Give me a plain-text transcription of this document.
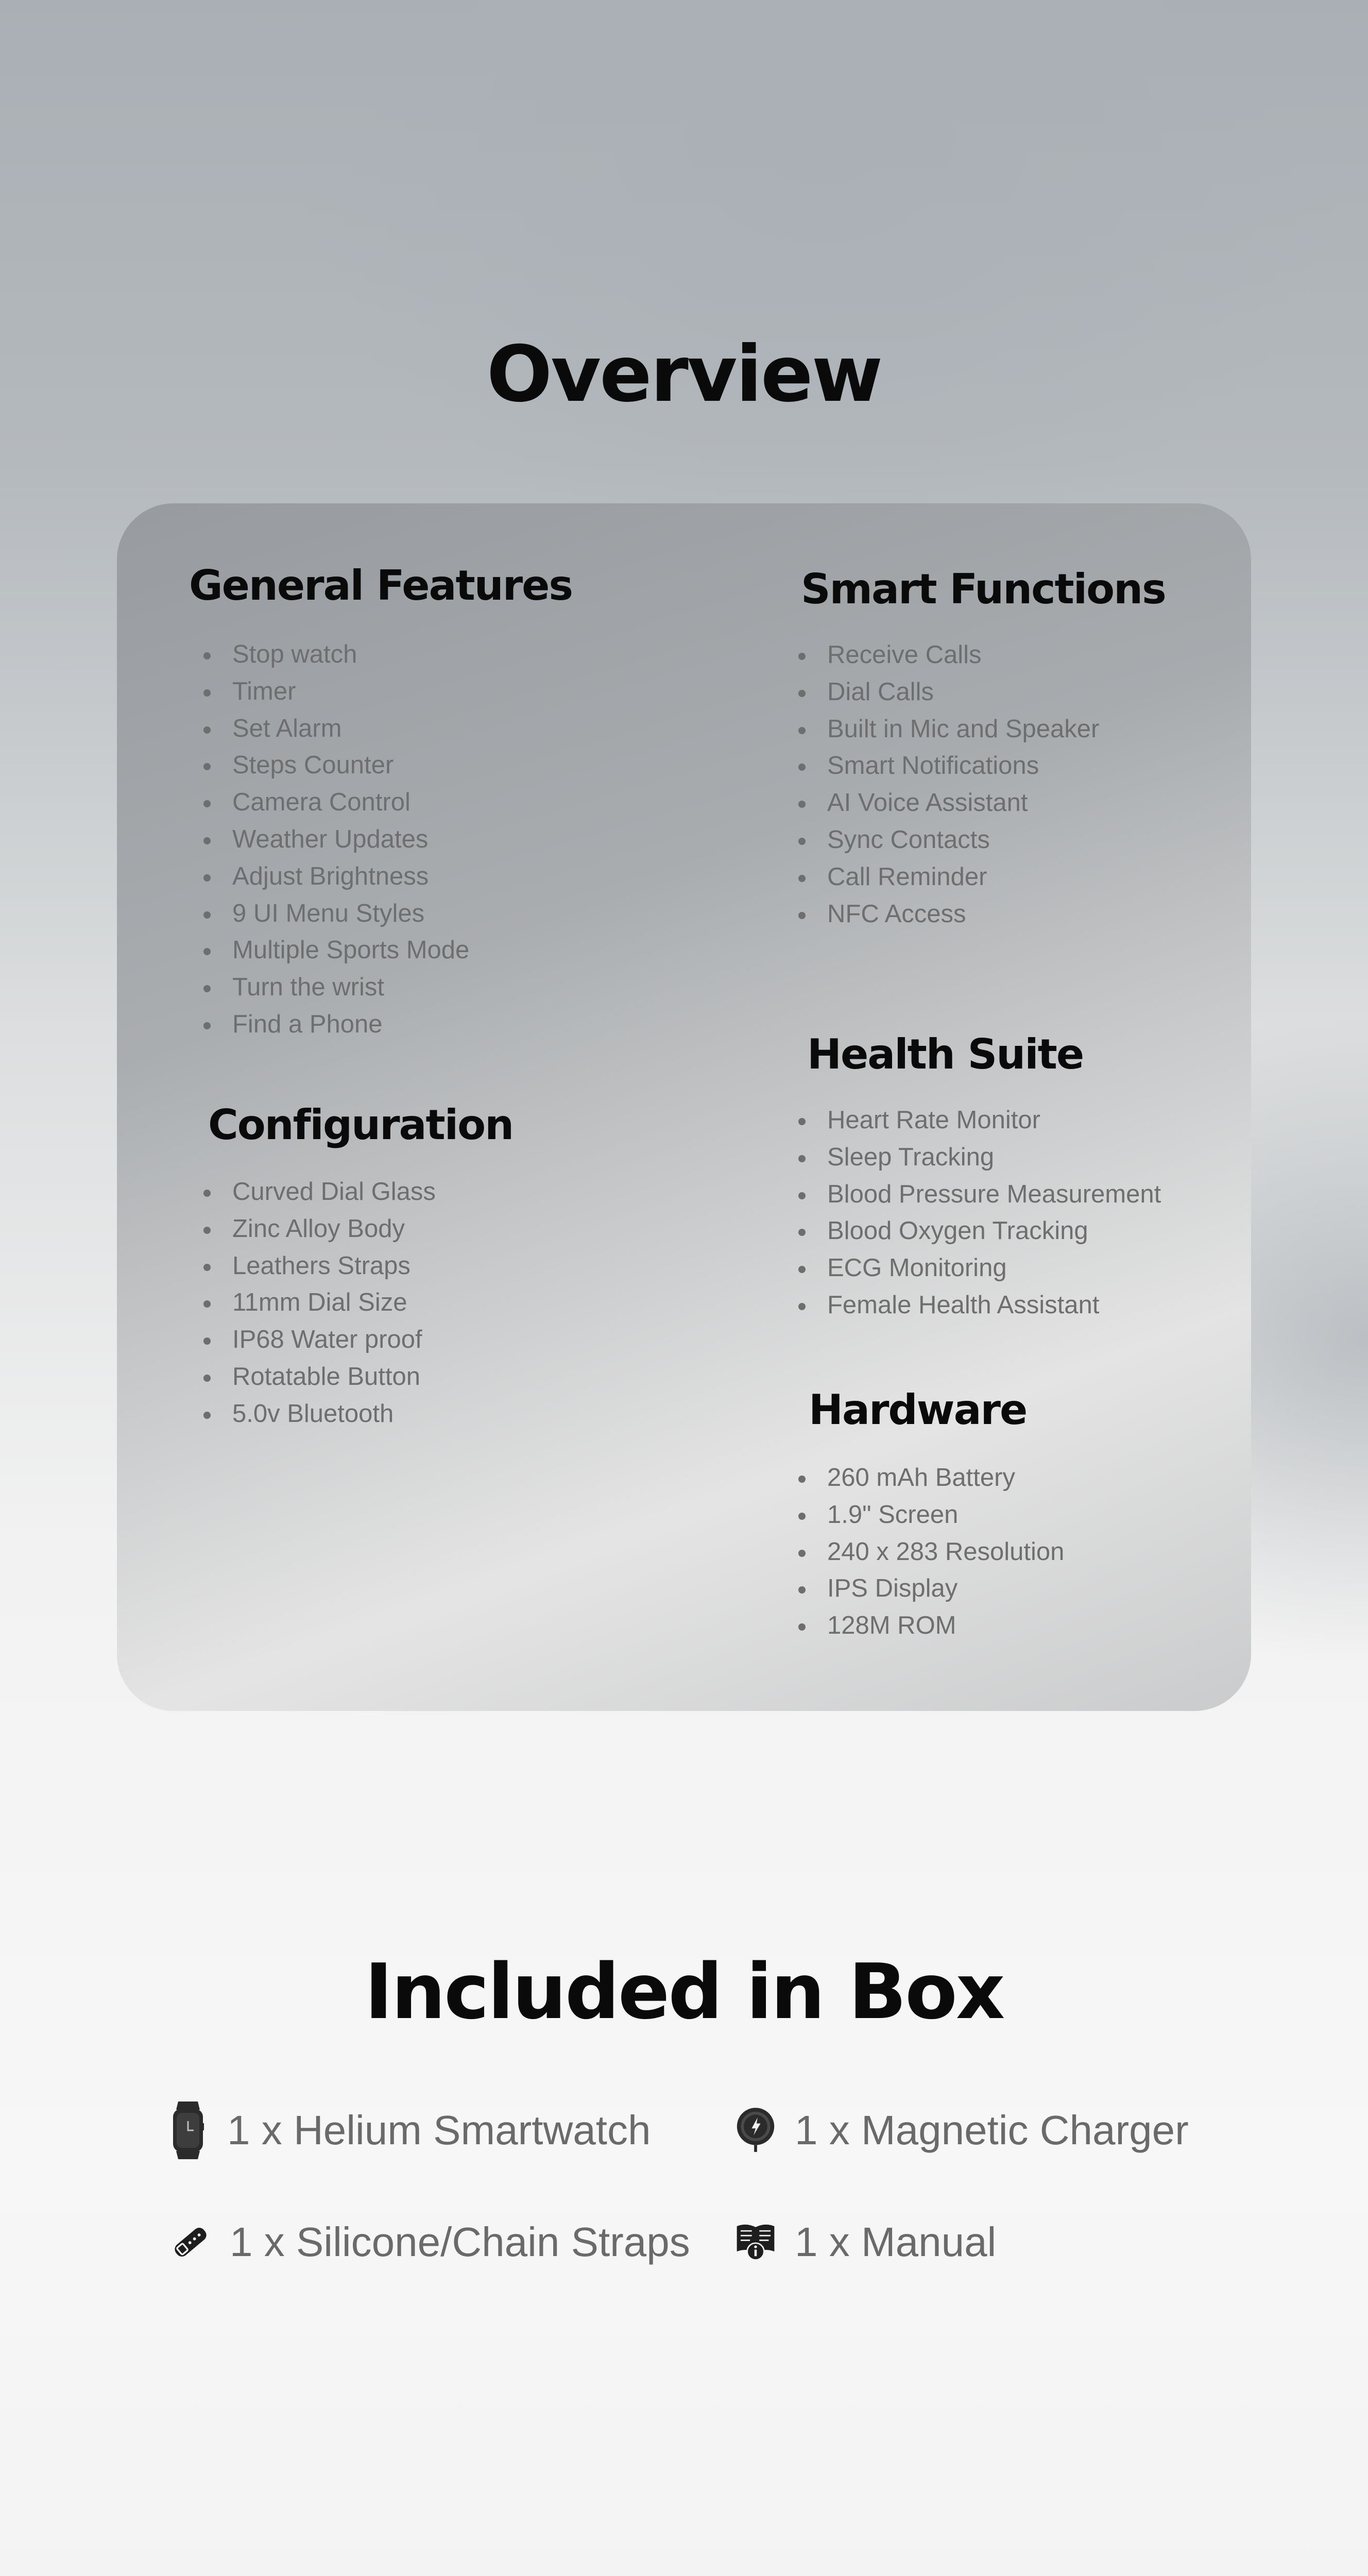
Overview
General Features
Stop watch
Timer
Set Alarm
Steps Counter
Camera Control
Weather Updates
Adjust Brightness
9 UI Menu Styles
Multiple Sports Mode
Turn the wrist
Find a Phone
Configuration
Curved Dial Glass
Zinc Alloy Body
Leathers Straps
11mm Dial Size
IP68 Water proof
Rotatable Button
5.0v Bluetooth
Smart Functions
Receive Calls
Dial Calls
Built in Mic and Speaker
Smart Notifications
AI Voice Assistant
Sync Contacts
Call Reminder
NFC Access
Health Suite
Heart Rate Monitor
Sleep Tracking
Blood Pressure Measurement
Blood Oxygen Tracking
ECG Monitoring
Female Health Assistant
Hardware
260 mAh Battery
1.9" Screen
240 x 283 Resolution
IPS Display
128M ROM
Included in Box
1 x Helium Smartwatch	1 x Magnetic Charger
1 x Silicone/Chain Straps	1 x Manual
